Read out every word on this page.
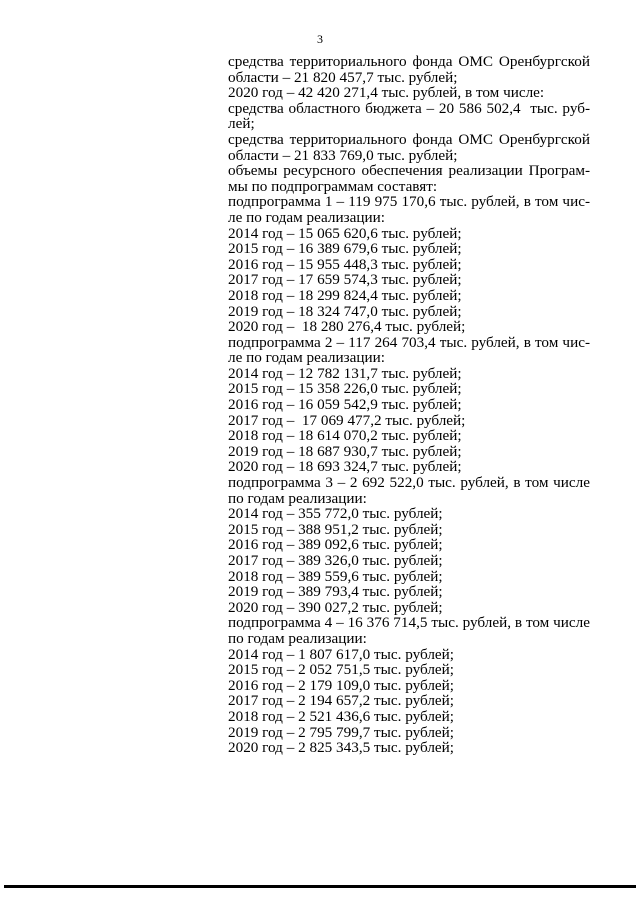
3
средства территориального фонда ОМС Оренбургской
области – 21 820 457,7 тыс. рублей;
2020 год – 42 420 271,4 тыс. рублей, в том числе:
средства областного бюджета – 20 586 502,4  тыс. руб-
лей;
средства территориального фонда ОМС Оренбургской
области – 21 833 769,0 тыс. рублей;
объемы ресурсного обеспечения реализации Програм-
мы по подпрограммам составят:
подпрограмма 1 – 119 975 170,6 тыс. рублей, в том чис-
ле по годам реализации:
2014 год – 15 065 620,6 тыс. рублей;
2015 год – 16 389 679,6 тыс. рублей;
2016 год – 15 955 448,3 тыс. рублей;
2017 год – 17 659 574,3 тыс. рублей;
2018 год – 18 299 824,4 тыс. рублей;
2019 год – 18 324 747,0 тыс. рублей;
2020 год –  18 280 276,4 тыс. рублей;
подпрограмма 2 – 117 264 703,4 тыс. рублей, в том чис-
ле по годам реализации:
2014 год – 12 782 131,7 тыс. рублей;
2015 год – 15 358 226,0 тыс. рублей;
2016 год – 16 059 542,9 тыс. рублей;
2017 год –  17 069 477,2 тыс. рублей;
2018 год – 18 614 070,2 тыс. рублей;
2019 год – 18 687 930,7 тыс. рублей;
2020 год – 18 693 324,7 тыс. рублей;
подпрограмма 3 – 2 692 522,0 тыс. рублей, в том числе
по годам реализации:
2014 год – 355 772,0 тыс. рублей;
2015 год – 388 951,2 тыс. рублей;
2016 год – 389 092,6 тыс. рублей;
2017 год – 389 326,0 тыс. рублей;
2018 год – 389 559,6 тыс. рублей;
2019 год – 389 793,4 тыс. рублей;
2020 год – 390 027,2 тыс. рублей;
подпрограмма 4 – 16 376 714,5 тыс. рублей, в том числе
по годам реализации:
2014 год – 1 807 617,0 тыс. рублей;
2015 год – 2 052 751,5 тыс. рублей;
2016 год – 2 179 109,0 тыс. рублей;
2017 год – 2 194 657,2 тыс. рублей;
2018 год – 2 521 436,6 тыс. рублей;
2019 год – 2 795 799,7 тыс. рублей;
2020 год – 2 825 343,5 тыс. рублей;
